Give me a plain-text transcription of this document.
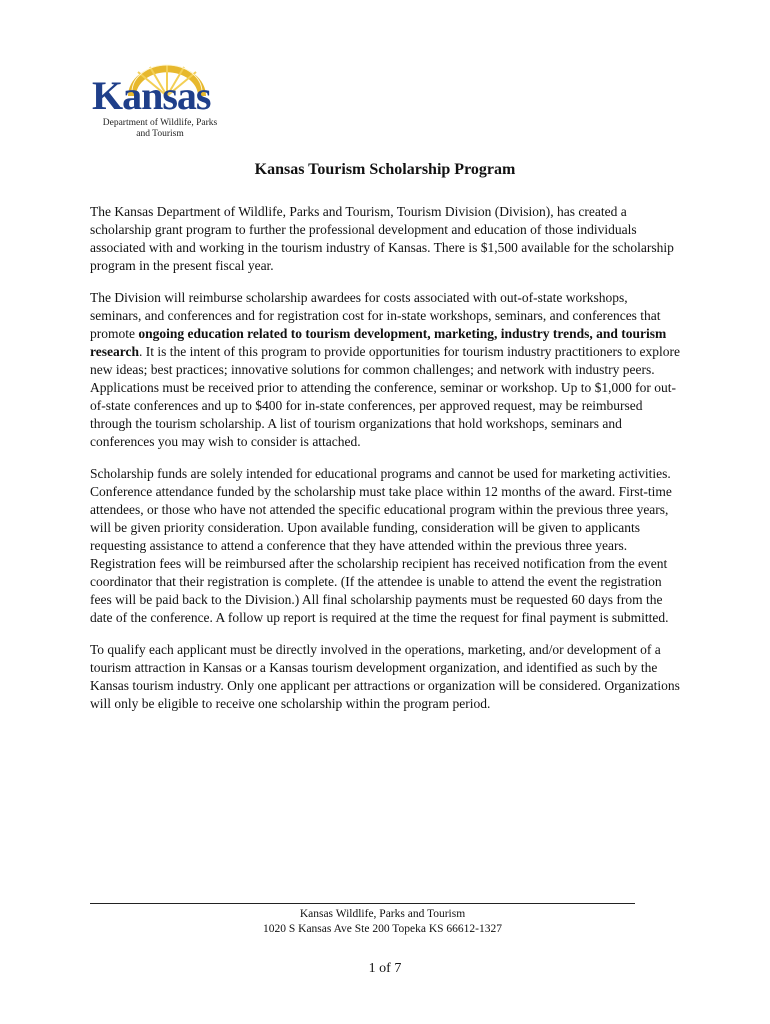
Kansas
Department of Wildlife, Parks
and Tourism
Kansas Tourism Scholarship Program

The Kansas Department of Wildlife, Parks and Tourism, Tourism Division (Division), has created a scholarship grant program to further the professional development and education of those individuals associated with and working in the tourism industry of Kansas. There is $1,500 available for the scholarship program in the present fiscal year.

The Division will reimburse scholarship awardees for costs associated with out-of-state workshops, seminars, and conferences and for registration cost for in-state workshops, seminars, and conferences that promote ongoing education related to tourism development, marketing, industry trends, and tourism research. It is the intent of this program to provide opportunities for tourism industry practitioners to explore new ideas; best practices; innovative solutions for common challenges; and network with industry peers. Applications must be received prior to attending the conference, seminar or workshop. Up to $1,000 for out-of-state conferences and up to $400 for in-state conferences, per approved request, may be reimbursed through the tourism scholarship. A list of tourism organizations that hold workshops, seminars and conferences you may wish to consider is attached.

Scholarship funds are solely intended for educational programs and cannot be used for marketing activities. Conference attendance funded by the scholarship must take place within 12 months of the award. First-time attendees, or those who have not attended the specific educational program within the previous three years, will be given priority consideration. Upon available funding, consideration will be given to applicants requesting assistance to attend a conference that they have attended within the previous three years. Registration fees will be reimbursed after the scholarship recipient has received notification from the event coordinator that their registration is complete. (If the attendee is unable to attend the event the registration fees will be paid back to the Division.) All final scholarship payments must be requested 60 days from the date of the conference. A follow up report is required at the time the request for final payment is submitted.

To qualify each applicant must be directly involved in the operations, marketing, and/or development of a tourism attraction in Kansas or a Kansas tourism development organization, and identified as such by the Kansas tourism industry. Only one applicant per attractions or organization will be considered. Organizations will only be eligible to receive one scholarship within the program period.

Kansas Wildlife, Parks and Tourism
1020 S Kansas Ave Ste 200 Topeka KS 66612-1327
1 of 7
